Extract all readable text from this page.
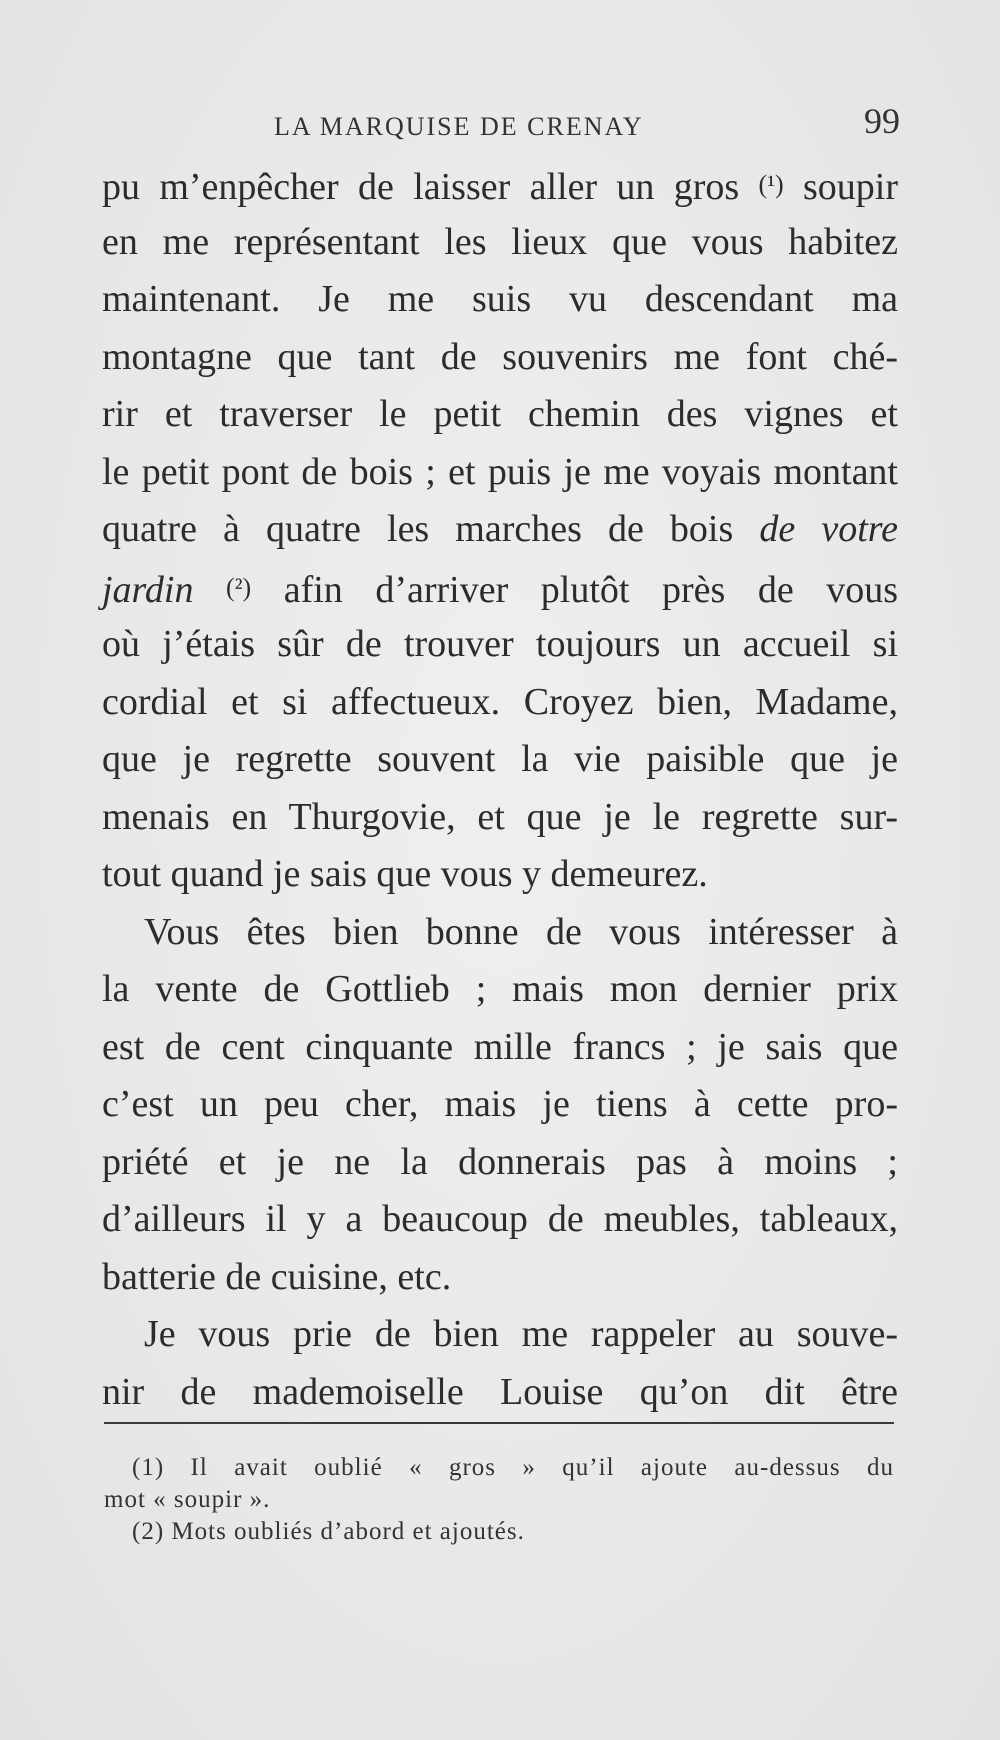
LA MARQUISE DE CRENAY	99
pu m’enpêcher de laisser aller un gros (¹) soupir
en me représentant les lieux que vous habitez
maintenant. Je me suis vu descendant ma
montagne que tant de souvenirs me font ché-
rir et traverser le petit chemin des vignes et
le petit pont de bois ; et puis je me voyais montant
quatre à quatre les marches de bois de votre
jardin (²) afin d’arriver plutôt près de vous
où j’étais sûr de trouver toujours un accueil si
cordial et si affectueux. Croyez bien, Madame,
que je regrette souvent la vie paisible que je
menais en Thurgovie, et que je le regrette sur-
tout quand je sais que vous y demeurez.
Vous êtes bien bonne de vous intéresser à
la vente de Gottlieb ; mais mon dernier prix
est de cent cinquante mille francs ; je sais que
c’est un peu cher, mais je tiens à cette pro-
priété et je ne la donnerais pas à moins ;
d’ailleurs il y a beaucoup de meubles, tableaux,
batterie de cuisine, etc.
Je vous prie de bien me rappeler au souve-
nir de mademoiselle Louise qu’on dit être
(1) Il avait oublié « gros » qu’il ajoute au-dessus du
mot « soupir ».
(2) Mots oubliés d’abord et ajoutés.
